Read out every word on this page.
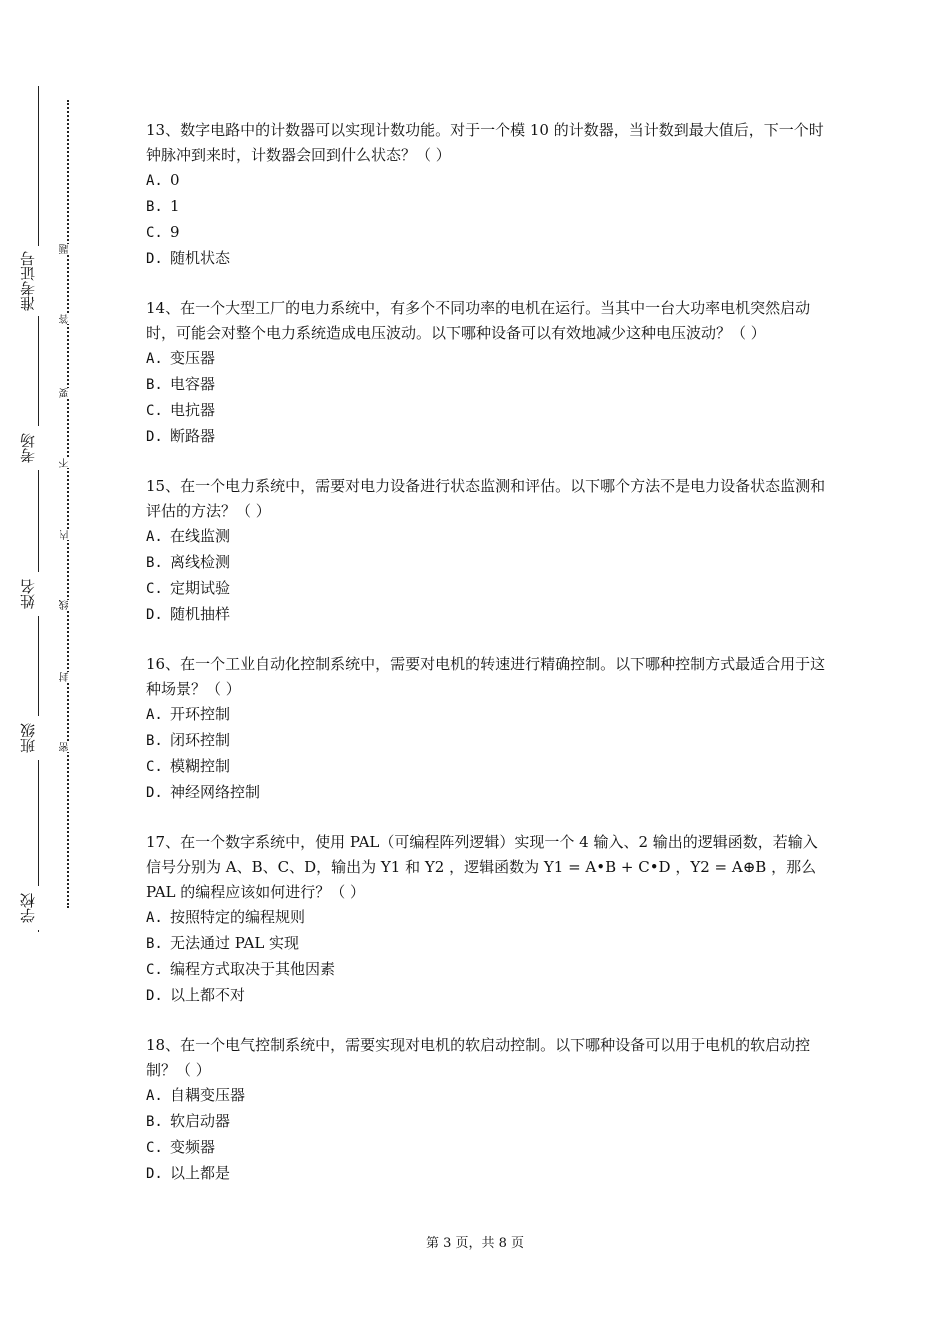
准考证号
考场
姓名
班级
学校
题
答
要
不
内
线
封
密

13、数字电路中的计数器可以实现计数功能。对于一个模 10 的计数器，当计数到最大值后，下一个时钟脉冲到来时，计数器会回到什么状态？（ ）

A. 0
B. 1
C. 9
D. 随机状态

14、在一个大型工厂的电力系统中，有多个不同功率的电机在运行。当其中一台大功率电机突然启动时，可能会对整个电力系统造成电压波动。以下哪种设备可以有效地减少这种电压波动？（ ）

A. 变压器
B. 电容器
C. 电抗器
D. 断路器

15、在一个电力系统中，需要对电力设备进行状态监测和评估。以下哪个方法不是电力设备状态监测和评估的方法？（ ）

A. 在线监测
B. 离线检测
C. 定期试验
D. 随机抽样

16、在一个工业自动化控制系统中，需要对电机的转速进行精确控制。以下哪种控制方式最适合用于这种场景？（ ）

A. 开环控制
B. 闭环控制
C. 模糊控制
D. 神经网络控制

17、在一个数字系统中，使用 PAL（可编程阵列逻辑）实现一个 4 输入、2 输出的逻辑函数，若输入信号分别为 A、B、C、D，输出为 Y1 和 Y2 ，逻辑函数为 Y1 = A•B + C•D ，Y2 = A⊕B ，那么 PAL 的编程应该如何进行？（ ）

A. 按照特定的编程规则
B. 无法通过 PAL 实现
C. 编程方式取决于其他因素
D. 以上都不对

18、在一个电气控制系统中，需要实现对电机的软启动控制。以下哪种设备可以用于电机的软启动控制？（ ）

A. 自耦变压器
B. 软启动器
C. 变频器
D. 以上都是
第 3 页，共 8 页
